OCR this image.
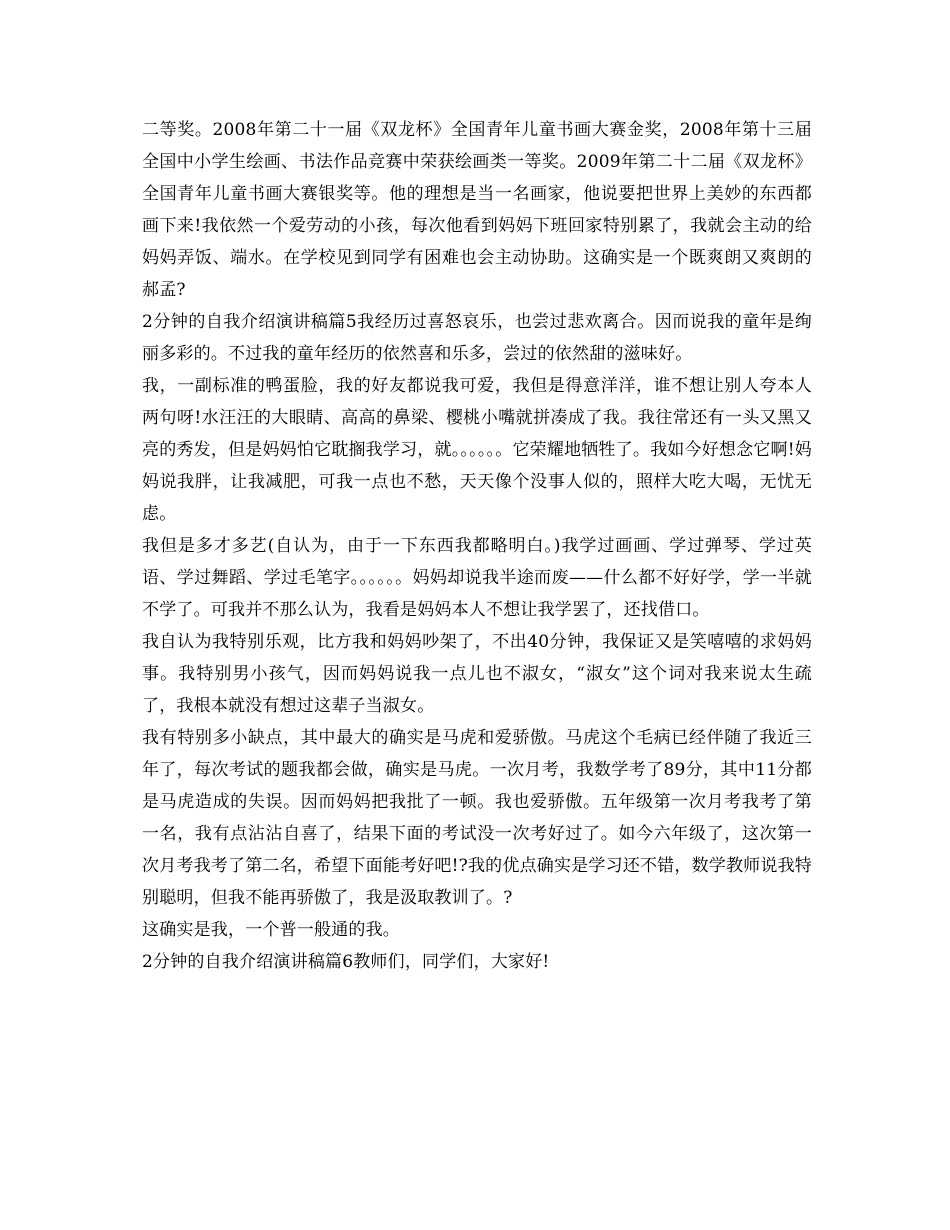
二等奖。2008年第二十一届《双龙杯》全国青年儿童书画大赛金奖，2008年第十三届全国中小学生绘画、书法作品竞赛中荣获绘画类一等奖。2009年第二十二届《双龙杯》全国青年儿童书画大赛银奖等。他的理想是当一名画家，他说要把世界上美妙的东西都画下来!我依然一个爱劳动的小孩，每次他看到妈妈下班回家特别累了，我就会主动的给妈妈弄饭、端水。在学校见到同学有困难也会主动协助。这确实是一个既爽朗又爽朗的郝孟?

2分钟的自我介绍演讲稿篇5我经历过喜怒哀乐，也尝过悲欢离合。因而说我的童年是绚丽多彩的。不过我的童年经历的依然喜和乐多，尝过的依然甜的滋味好。

我，一副标准的鸭蛋脸，我的好友都说我可爱，我但是得意洋洋，谁不想让别人夸本人两句呀!水汪汪的大眼睛、高高的鼻梁、樱桃小嘴就拼凑成了我。我往常还有一头又黑又亮的秀发，但是妈妈怕它耽搁我学习，就。。。。。。它荣耀地牺牲了。我如今好想念它啊!妈妈说我胖，让我减肥，可我一点也不愁，天天像个没事人似的，照样大吃大喝，无忧无虑。

我但是多才多艺(自认为，由于一下东西我都略明白。)我学过画画、学过弹琴、学过英语、学过舞蹈、学过毛笔字。。。。。。妈妈却说我半途而废——什么都不好好学，学一半就不学了。可我并不那么认为，我看是妈妈本人不想让我学罢了，还找借口。

我自认为我特别乐观，比方我和妈妈吵架了，不出40分钟，我保证又是笑嘻嘻的求妈妈事。我特别男小孩气，因而妈妈说我一点儿也不淑女，“淑女”这个词对我来说太生疏了，我根本就没有想过这辈子当淑女。

我有特别多小缺点，其中最大的确实是马虎和爱骄傲。马虎这个毛病已经伴随了我近三年了，每次考试的题我都会做，确实是马虎。一次月考，我数学考了89分，其中11分都是马虎造成的失误。因而妈妈把我批了一顿。我也爱骄傲。五年级第一次月考我考了第一名，我有点沾沾自喜了，结果下面的考试没一次考好过了。如今六年级了，这次第一次月考我考了第二名，希望下面能考好吧!?我的优点确实是学习还不错，数学教师说我特别聪明，但我不能再骄傲了，我是汲取教训了。?

这确实是我，一个普一般通的我。

2分钟的自我介绍演讲稿篇6教师们，同学们，大家好!
